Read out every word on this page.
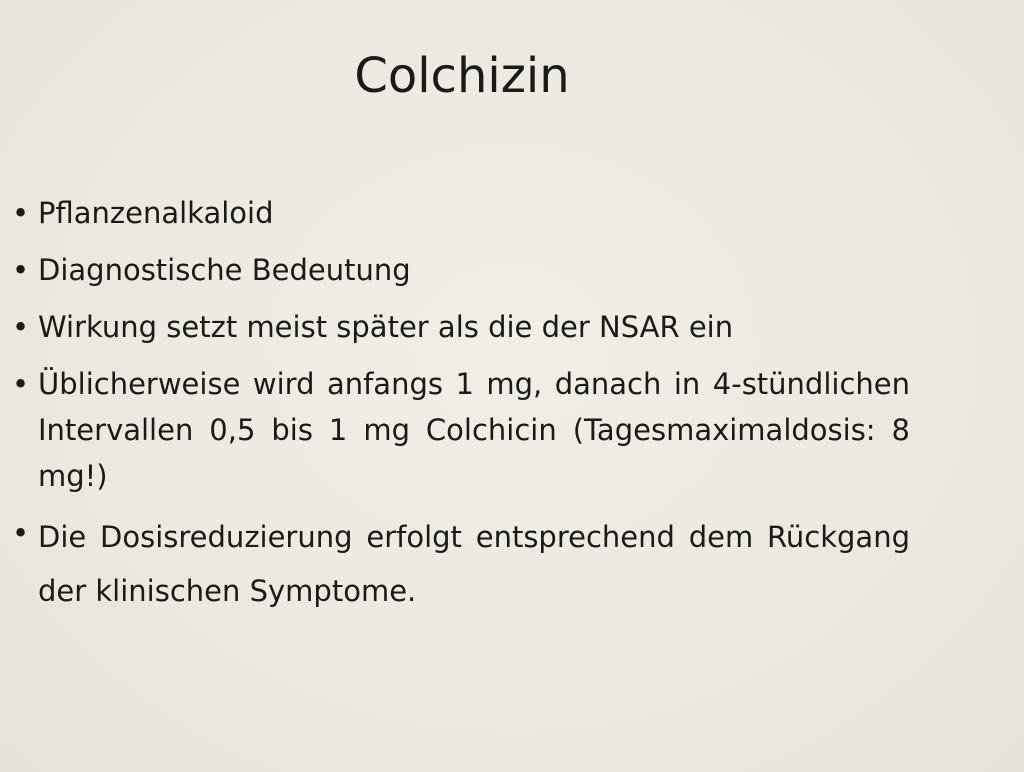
Colchizin
• Pflanzenalkaloid
• Diagnostische Bedeutung
• Wirkung setzt meist später als die der NSAR ein
• Üblicherweise wird anfangs 1 mg, danach in 4-stündlichen Intervallen 0,5 bis 1 mg Colchicin (Tagesmaximaldosis: 8 mg!)
• Die Dosisreduzierung erfolgt entsprechend dem Rückgang der klinischen Symptome.
